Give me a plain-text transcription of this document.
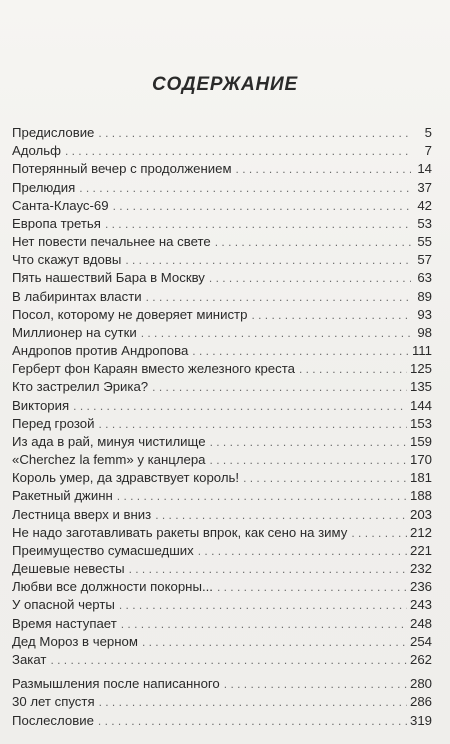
СОДЕРЖАНИЕ
Предисловие . . .	5
Адольф . . .	7
Потерянный вечер с продолжением . . .	14
Прелюдия . . .	37
Санта-Клаус-69 . . .	42
Европа третья . . .	53
Нет повести печальнее на свете . . .	55
Что скажут вдовы . . .	57
Пять нашествий Бара в Москву . . .	63
В лабиринтах власти . . .	89
Посол, которому не доверяет министр . . .	93
Миллионер на сутки . . .	98
Андропов против Андропова . . .	111
Герберт фон Караян вместо железного креста . . .	125
Кто застрелил Эрика? . . .	135
Виктория . . .	144
Перед грозой . . .	153
Из ада в рай, минуя чистилище . . .	159
«Cherchez la femm» у канцлера . . .	170
Король умер, да здравствует король! . . .	181
Ракетный джинн . . .	188
Лестница вверх и вниз . . .	203
Не надо заготавливать ракеты впрок, как сено на зиму . . .	212
Преимущество сумасшедших . . .	221
Дешевые невесты . . .	232
Любви все должности покорны... . . .	236
У опасной черты . . .	243
Время наступает . . .	248
Дед Мороз в черном . . .	254
Закат . . .	262
Размышления после написанного . . .	280
30 лет спустя . . .	286
Послесловие . . .	319
